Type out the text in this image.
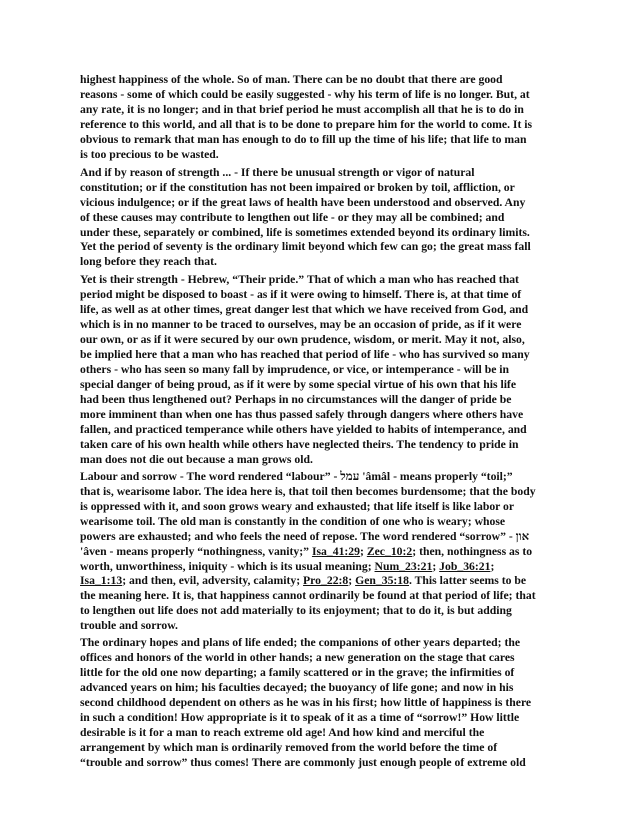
highest happiness of the whole. So of man. There can be no doubt that there are good
reasons - some of which could be easily suggested - why his term of life is no longer. But, at
any rate, it is no longer; and in that brief period he must accomplish all that he is to do in
reference to this world, and all that is to be done to prepare him for the world to come. It is
obvious to remark that man has enough to do to fill up the time of his life; that life to man
is too precious to be wasted.
And if by reason of strength ... - If there be unusual strength or vigor of natural
constitution; or if the constitution has not been impaired or broken by toil, affliction, or
vicious indulgence; or if the great laws of health have been understood and observed. Any
of these causes may contribute to lengthen out life - or they may all be combined; and
under these, separately or combined, life is sometimes extended beyond its ordinary limits.
Yet the period of seventy is the ordinary limit beyond which few can go; the great mass fall
long before they reach that.
Yet is their strength - Hebrew, “Their pride.” That of which a man who has reached that
period might be disposed to boast - as if it were owing to himself. There is, at that time of
life, as well as at other times, great danger lest that which we have received from God, and
which is in no manner to be traced to ourselves, may be an occasion of pride, as if it were
our own, or as if it were secured by our own prudence, wisdom, or merit. May it not, also,
be implied here that a man who has reached that period of life - who has survived so many
others - who has seen so many fall by imprudence, or vice, or intemperance - will be in
special danger of being proud, as if it were by some special virtue of his own that his life
had been thus lengthened out? Perhaps in no circumstances will the danger of pride be
more imminent than when one has thus passed safely through dangers where others have
fallen, and practiced temperance while others have yielded to habits of intemperance, and
taken care of his own health while others have neglected theirs. The tendency to pride in
man does not die out because a man grows old.
Labour and sorrow - The word rendered “labour” - עמל 'âmâl - means properly “toil;”
that is, wearisome labor. The idea here is, that toil then becomes burdensome; that the body
is oppressed with it, and soon grows weary and exhausted; that life itself is like labor or
wearisome toil. The old man is constantly in the condition of one who is weary; whose
powers are exhausted; and who feels the need of repose. The word rendered “sorrow” - און
'âven - means properly “nothingness, vanity;” Isa_41:29; Zec_10:2; then, nothingness as to
worth, unworthiness, iniquity - which is its usual meaning; Num_23:21; Job_36:21;
Isa_1:13; and then, evil, adversity, calamity; Pro_22:8; Gen_35:18. This latter seems to be
the meaning here. It is, that happiness cannot ordinarily be found at that period of life; that
to lengthen out life does not add materially to its enjoyment; that to do it, is but adding
trouble and sorrow.
The ordinary hopes and plans of life ended; the companions of other years departed; the
offices and honors of the world in other hands; a new generation on the stage that cares
little for the old one now departing; a family scattered or in the grave; the infirmities of
advanced years on him; his faculties decayed; the buoyancy of life gone; and now in his
second childhood dependent on others as he was in his first; how little of happiness is there
in such a condition! How appropriate is it to speak of it as a time of “sorrow!” How little
desirable is it for a man to reach extreme old age! And how kind and merciful the
arrangement by which man is ordinarily removed from the world before the time of
“trouble and sorrow” thus comes! There are commonly just enough people of extreme old
